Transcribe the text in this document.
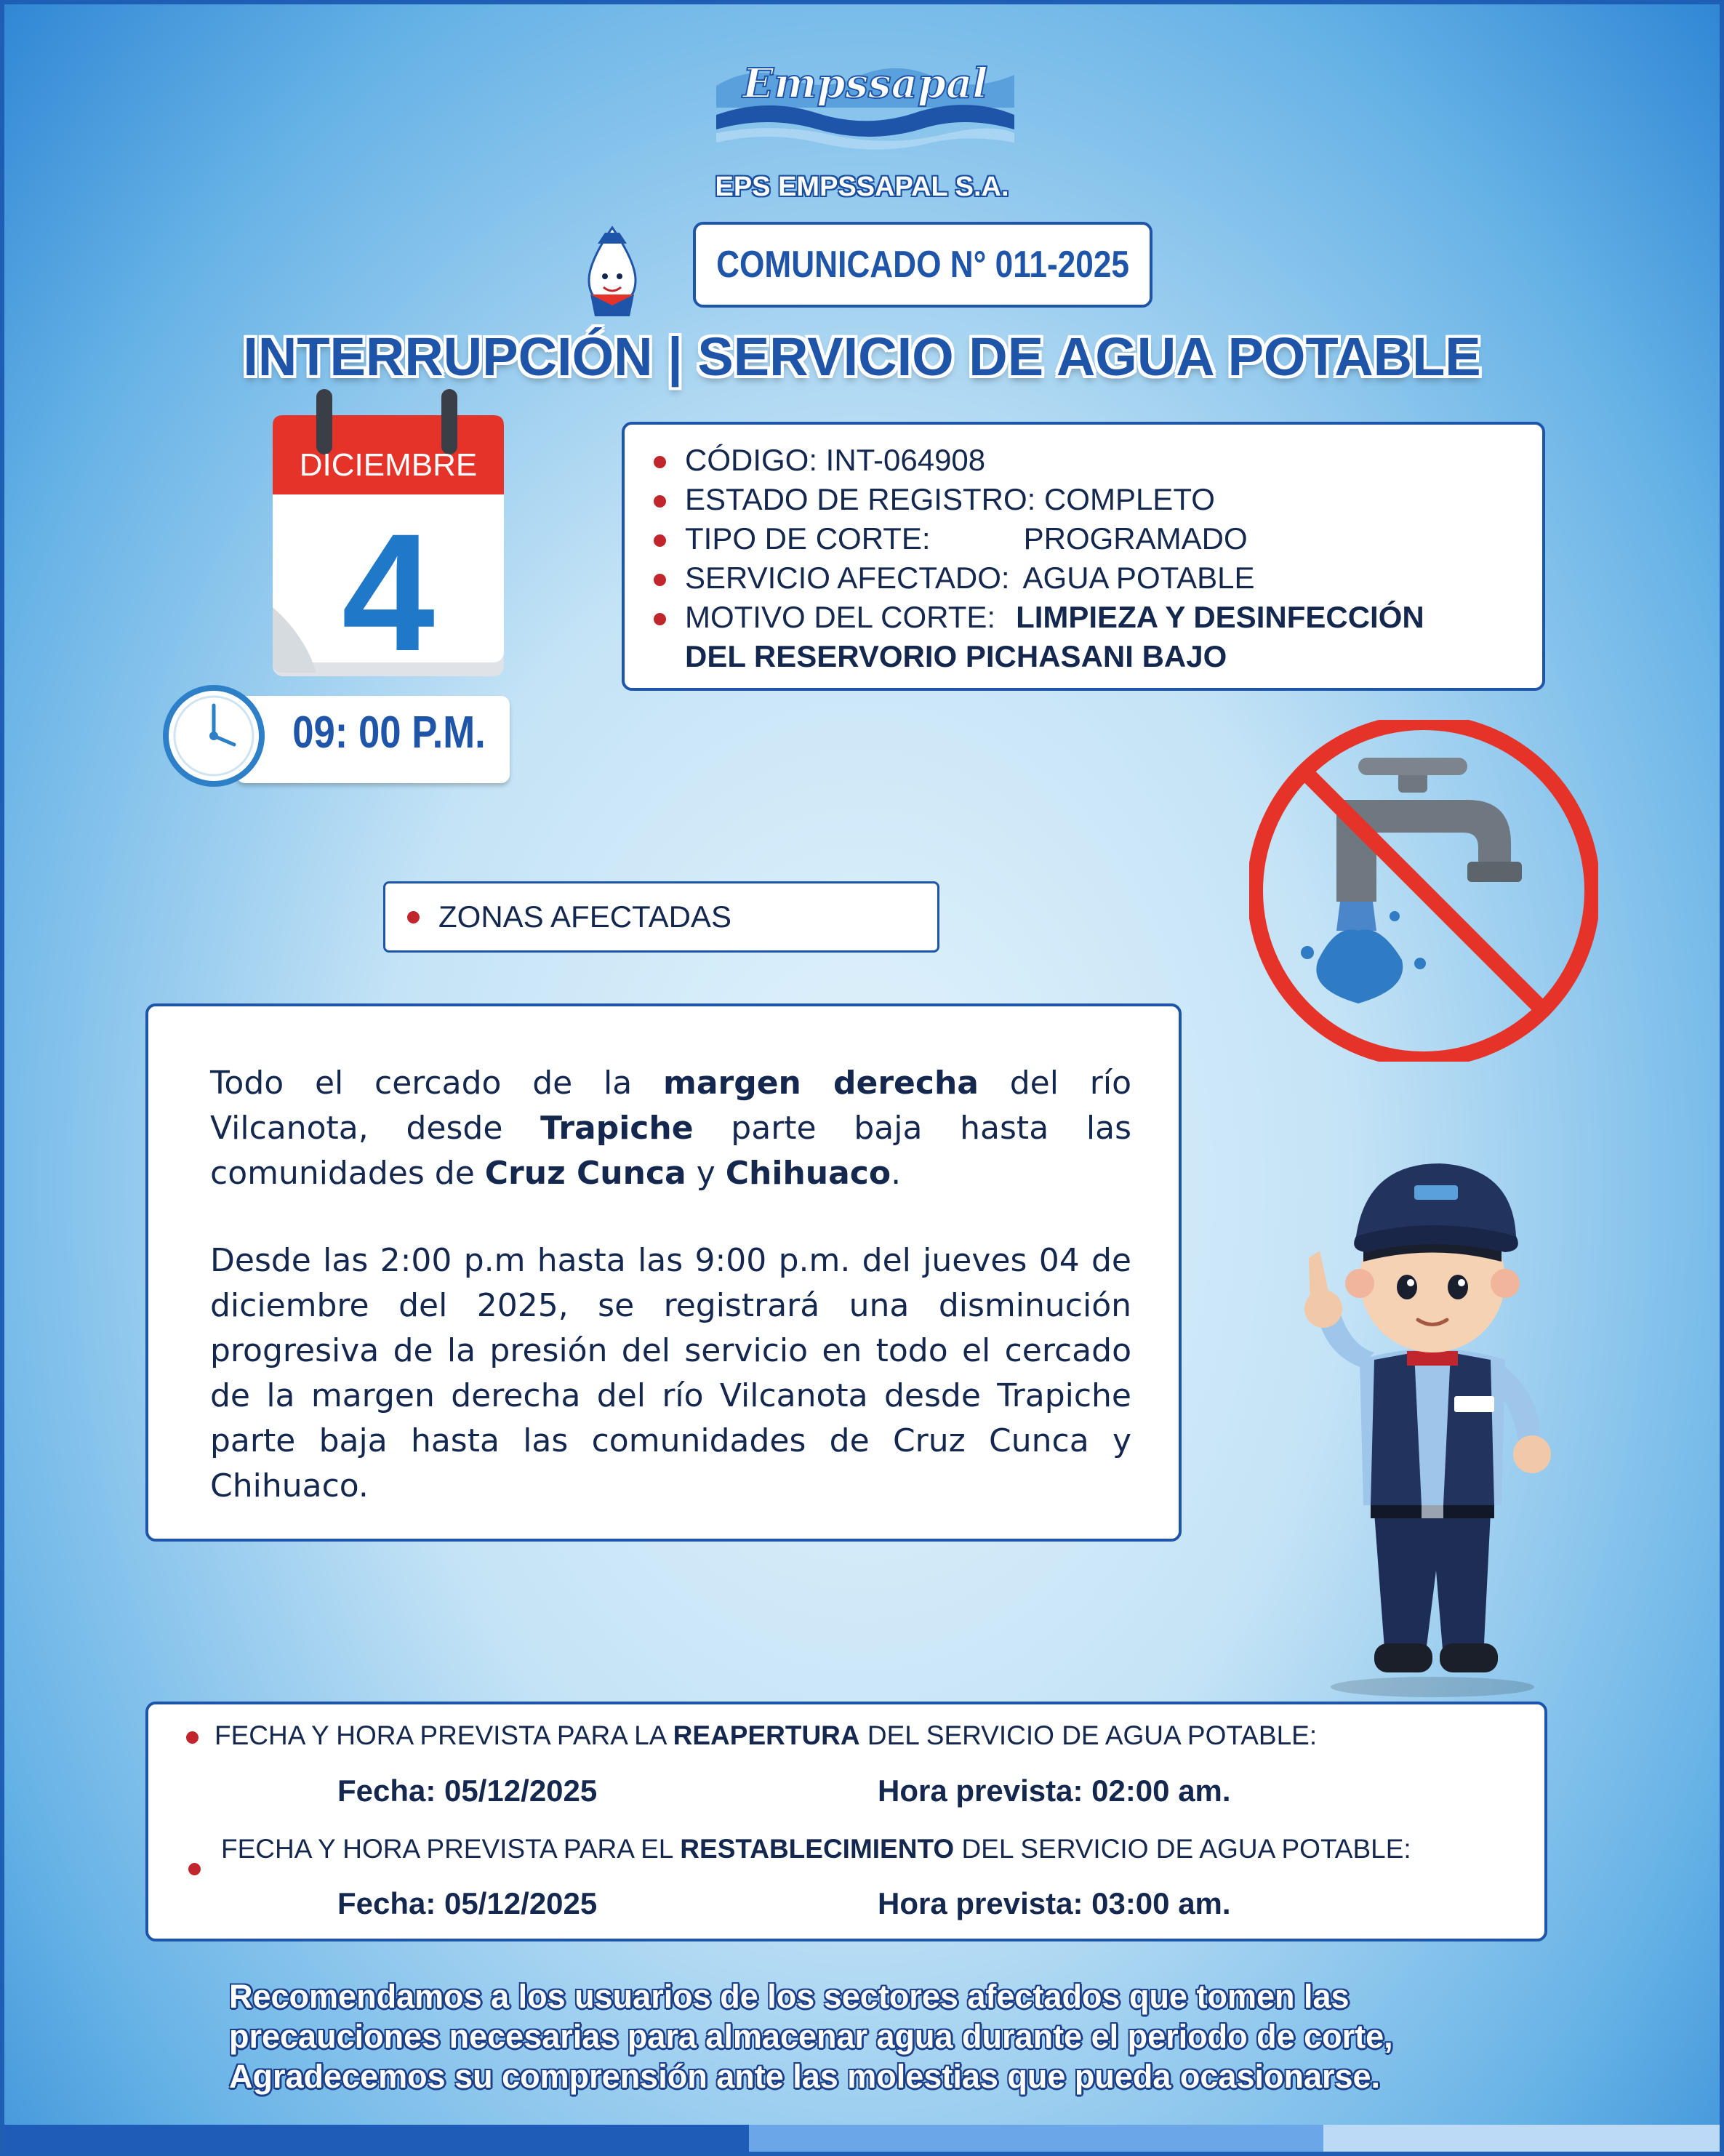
Empssapal
EPS EMPSSAPAL S.A.
COMUNICADO N° 011-2025
INTERRUPCIÓN | SERVICIO DE AGUA POTABLE
DICIEMBRE
4
09: 00 P.M.
CÓDIGO: INT-064908
ESTADO DE REGISTRO: COMPLETO
TIPO DE CORTE:	PROGRAMADO
SERVICIO AFECTADO: AGUA POTABLE
MOTIVO DEL CORTE: LIMPIEZA Y DESINFECCIÓN
DEL RESERVORIO PICHASANI BAJO
ZONAS AFECTADAS

Todo el cercado de la margen derecha del río Vilcanota, desde Trapiche parte baja hasta las comunidades de Cruz Cunca y Chihuaco.

Desde las 2:00 p.m hasta las 9:00 p.m. del jueves 04 de diciembre del 2025, se registrará una disminución progresiva de la presión del servicio en todo el cercado de la margen derecha del río Vilcanota desde Trapiche parte baja hasta las comunidades de Cruz Cunca y Chihuaco.

FECHA Y HORA PREVISTA PARA LA REAPERTURA DEL SERVICIO DE AGUA POTABLE:
Fecha: 05/12/2025	Hora prevista: 02:00 am.
FECHA Y HORA PREVISTA PARA EL RESTABLECIMIENTO DEL SERVICIO DE AGUA POTABLE:
Fecha: 05/12/2025	Hora prevista: 03:00 am.
Recomendamos a los usuarios de los sectores afectados que tomen las
precauciones necesarias para almacenar agua durante el periodo de corte,
Agradecemos su comprensión ante las molestias que pueda ocasionarse.
